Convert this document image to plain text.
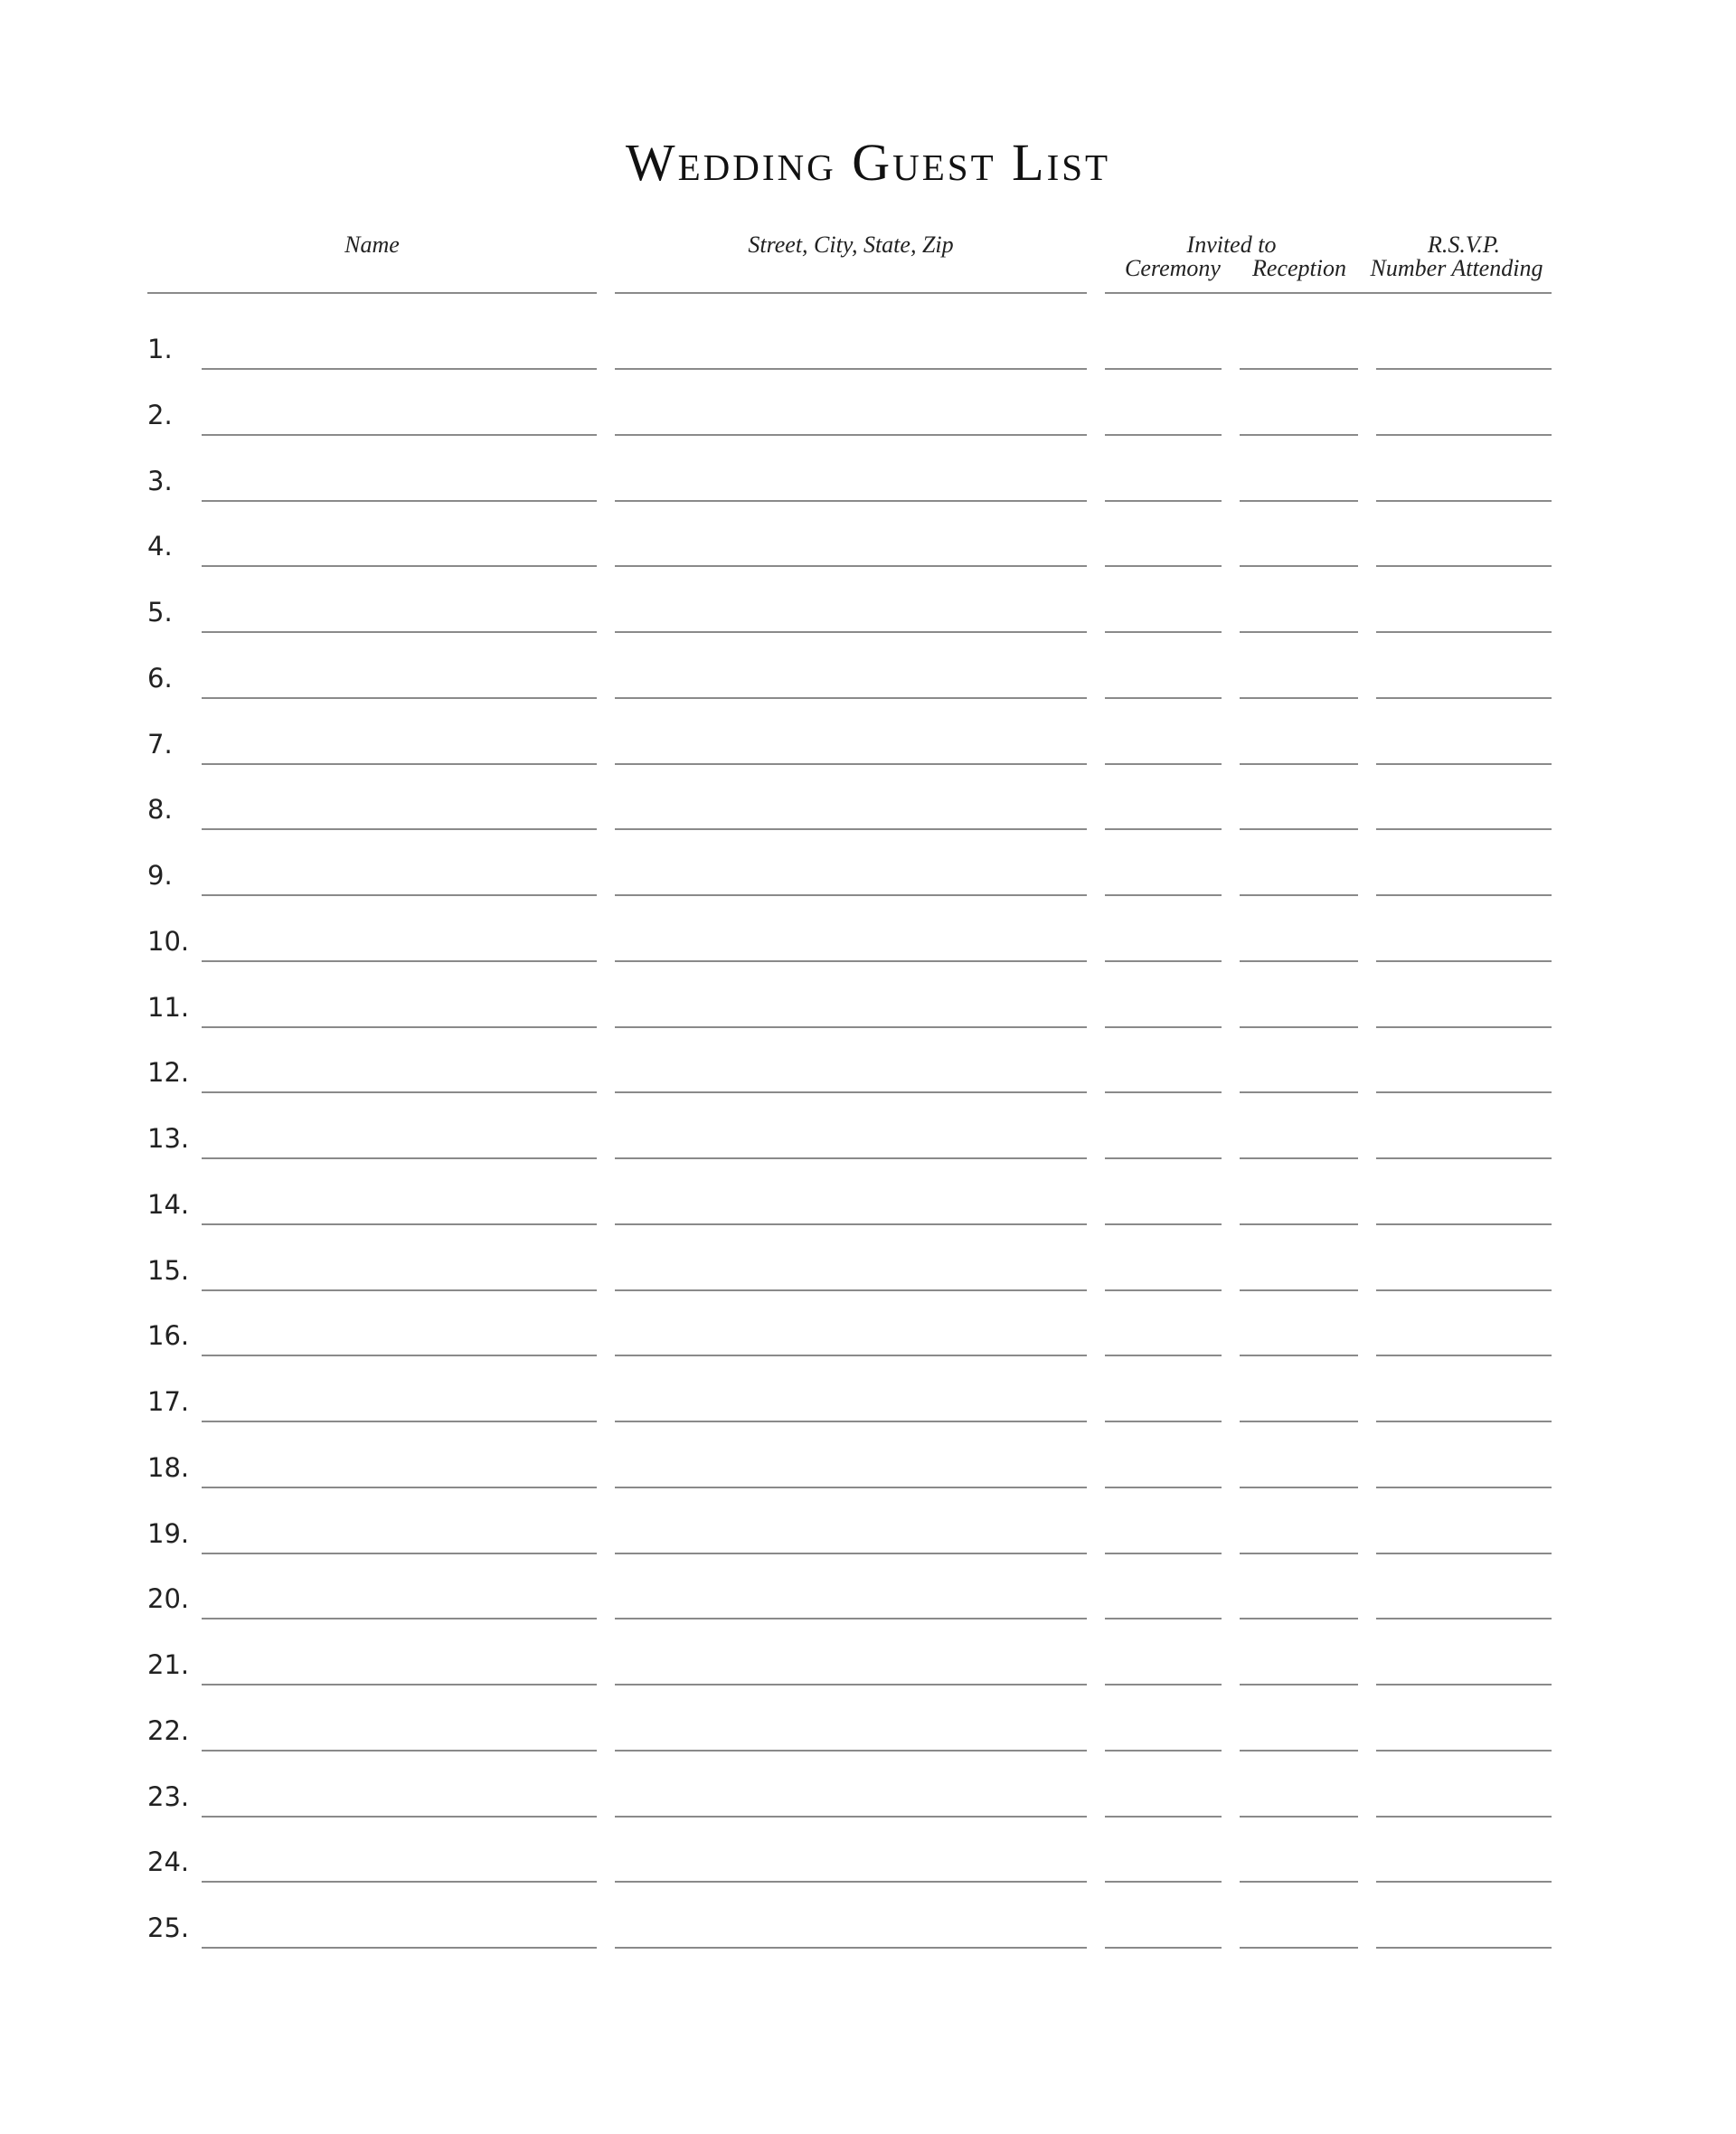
Wedding Guest List
Name	Street, City, State, Zip	Invited to
Ceremony	Reception
R.S.V.P.
Number Attending
1.
2.
3.
4.
5.
6.
7.
8.
9.
10.
11.
12.
13.
14.
15.
16.
17.
18.
19.
20.
21.
22.
23.
24.
25.
